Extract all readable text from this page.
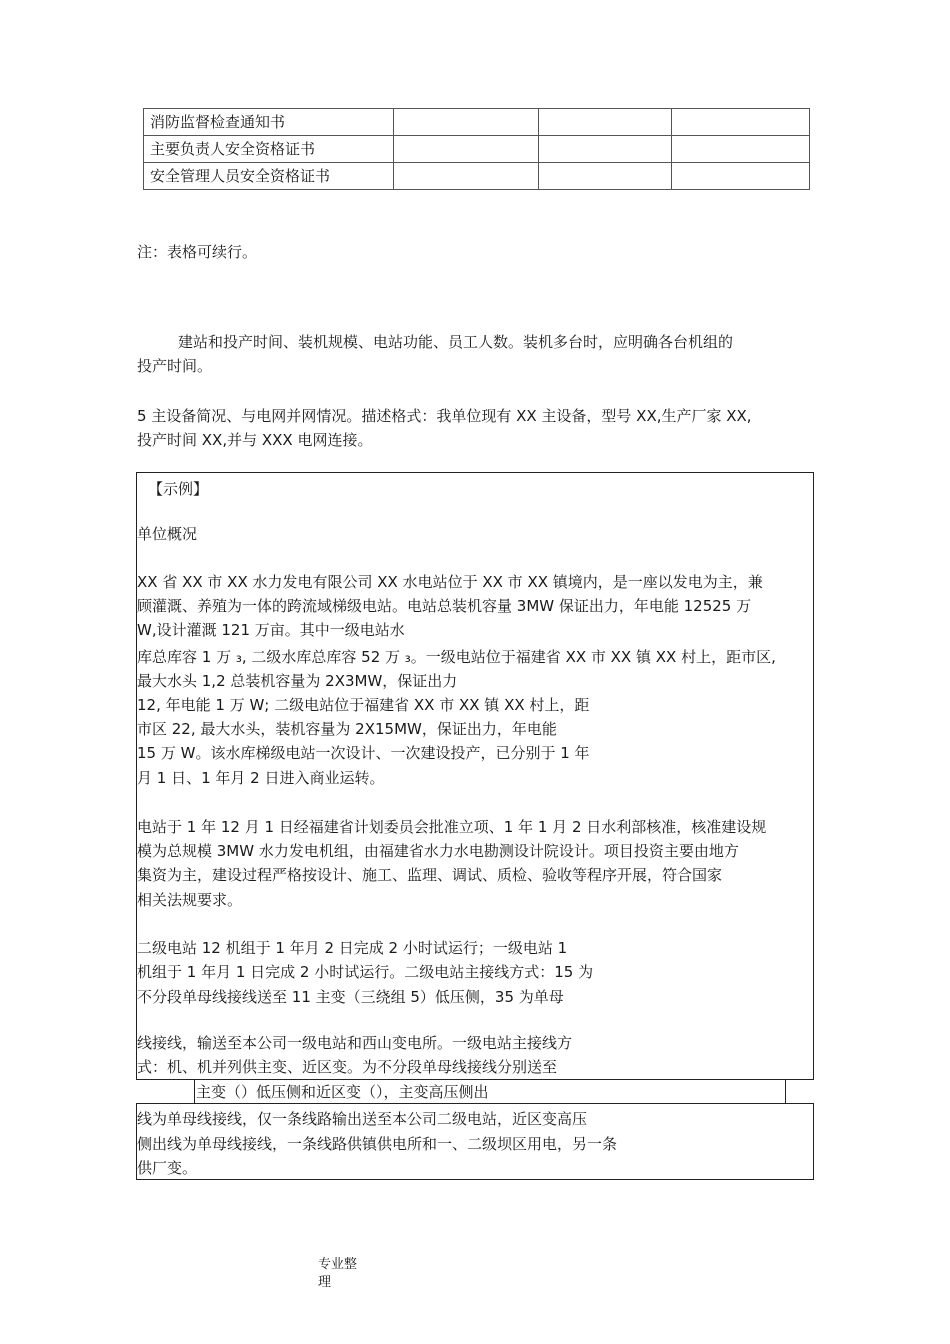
消防监督检查通知书			
主要负责人安全资格证书			
安全管理人员安全资格证书			
注：表格可续行。
建站和投产时间、装机规模、电站功能、员工人数。装机多台时，应明确各台机组的
投产时间。
5 主设备简况、与电网并网情况。描述格式：我单位现有 XX 主设备，型号 XX,生产厂家 XX,
投产时间 XX,并与 XXX 电网连接。
【示例】
单位概况
XX 省 XX 市 XX 水力发电有限公司 XX 水电站位于 XX 市 XX 镇境内，是一座以发电为主，兼
顾灌溉、养殖为一体的跨流域梯级电站。电站总装机容量 3MW 保证出力，年电能 12525 万
W,设计灌溉 121 万亩。其中一级电站水
库总库容 1 万 ₃, 二级水库总库容 52 万 ₃。一级电站位于福建省 XX 市 XX 镇 XX 村上，距市区,
最大水头 1,2 总装机容量为 2X3MW，保证出力
12, 年电能 1 万 W; 二级电站位于福建省 XX 市 XX 镇 XX 村上，距
市区 22, 最大水头，装机容量为 2X15MW，保证出力，年电能
15 万 W。该水库梯级电站一次设计、一次建设投产，已分别于 1 年
月 1 日、1 年月 2 日进入商业运转。
电站于 1 年 12 月 1 日经福建省计划委员会批准立项、1 年 1 月 2 日水利部核准，核准建设规
模为总规模 3MW 水力发电机组，由福建省水力水电勘测设计院设计。项目投资主要由地方
集资为主，建设过程严格按设计、施工、监理、调试、质检、验收等程序开展，符合国家
相关法规要求。
二级电站 12 机组于 1 年月 2 日完成 2 小时试运行；一级电站 1
机组于 1 年月 1 日完成 2 小时试运行。二级电站主接线方式：15 为
不分段单母线接线送至 11 主变（三绕组 5）低压侧，35 为单母
线接线，输送至本公司一级电站和西山变电所。一级电站主接线方
式：机、机并列供主变、近区变。为不分段单母线接线分别送至
主变（）低压侧和近区变（），主变高压侧出
线为单母线接线，仅一条线路输出送至本公司二级电站，近区变高压
侧出线为单母线接线，一条线路供镇供电所和一、二级坝区用电，另一条
供厂变。
专业整
理
